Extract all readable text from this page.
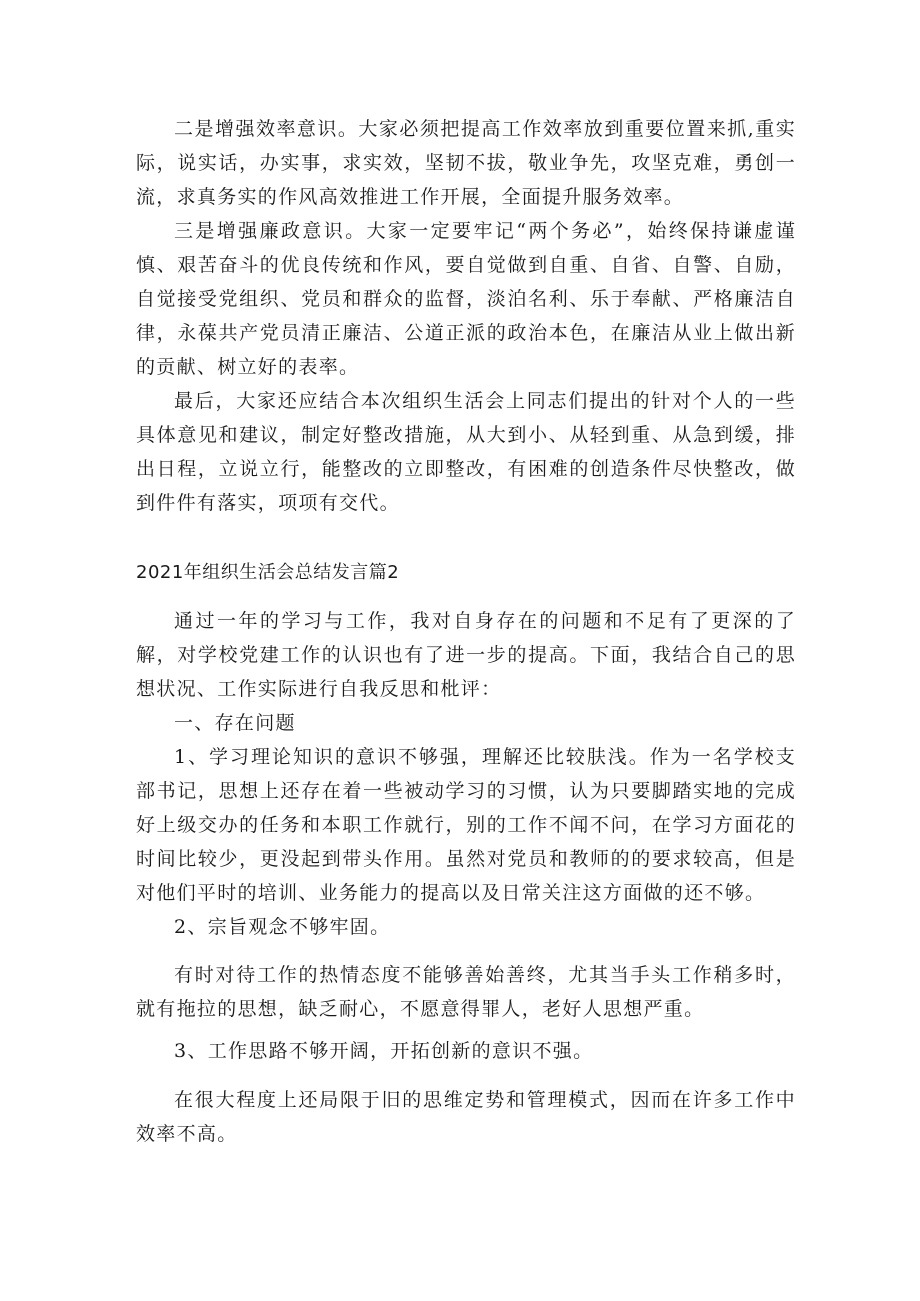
二是增强效率意识。大家必须把提高工作效率放到重要位置来抓,重实际，说实话，办实事，求实效，坚韧不拔，敬业争先，攻坚克难，勇创一流，求真务实的作风高效推进工作开展，全面提升服务效率。

三是增强廉政意识。大家一定要牢记“两个务必”，始终保持谦虚谨慎、艰苦奋斗的优良传统和作风，要自觉做到自重、自省、自警、自励，自觉接受党组织、党员和群众的监督，淡泊名利、乐于奉献、严格廉洁自律，永葆共产党员清正廉洁、公道正派的政治本色，在廉洁从业上做出新的贡献、树立好的表率。

最后，大家还应结合本次组织生活会上同志们提出的针对个人的一些具体意见和建议，制定好整改措施，从大到小、从轻到重、从急到缓，排出日程，立说立行，能整改的立即整改，有困难的创造条件尽快整改，做到件件有落实，项项有交代。

2021年组织生活会总结发言篇2

通过一年的学习与工作，我对自身存在的问题和不足有了更深的了解，对学校党建工作的认识也有了进一步的提高。下面，我结合自己的思想状况、工作实际进行自我反思和枇评：

一、存在问题

1、学习理论知识的意识不够强，理解还比较肤浅。作为一名学校支部书记，思想上还存在着一些被动学习的习惯，认为只要脚踏实地的完成好上级交办的任务和本职工作就行，别的工作不闻不问，在学习方面花的时间比较少，更没起到带头作用。虽然对党员和教师的的要求较高，但是对他们平时的培训、业务能力的提高以及日常关注这方面做的还不够。

2、宗旨观念不够牢固。

有时对待工作的热情态度不能够善始善终，尤其当手头工作稍多时，就有拖拉的思想，缺乏耐心，不愿意得罪人，老好人思想严重。

3、工作思路不够开阔，开拓创新的意识不强。

在很大程度上还局限于旧的思维定势和管理模式，因而在许多工作中效率不高。
